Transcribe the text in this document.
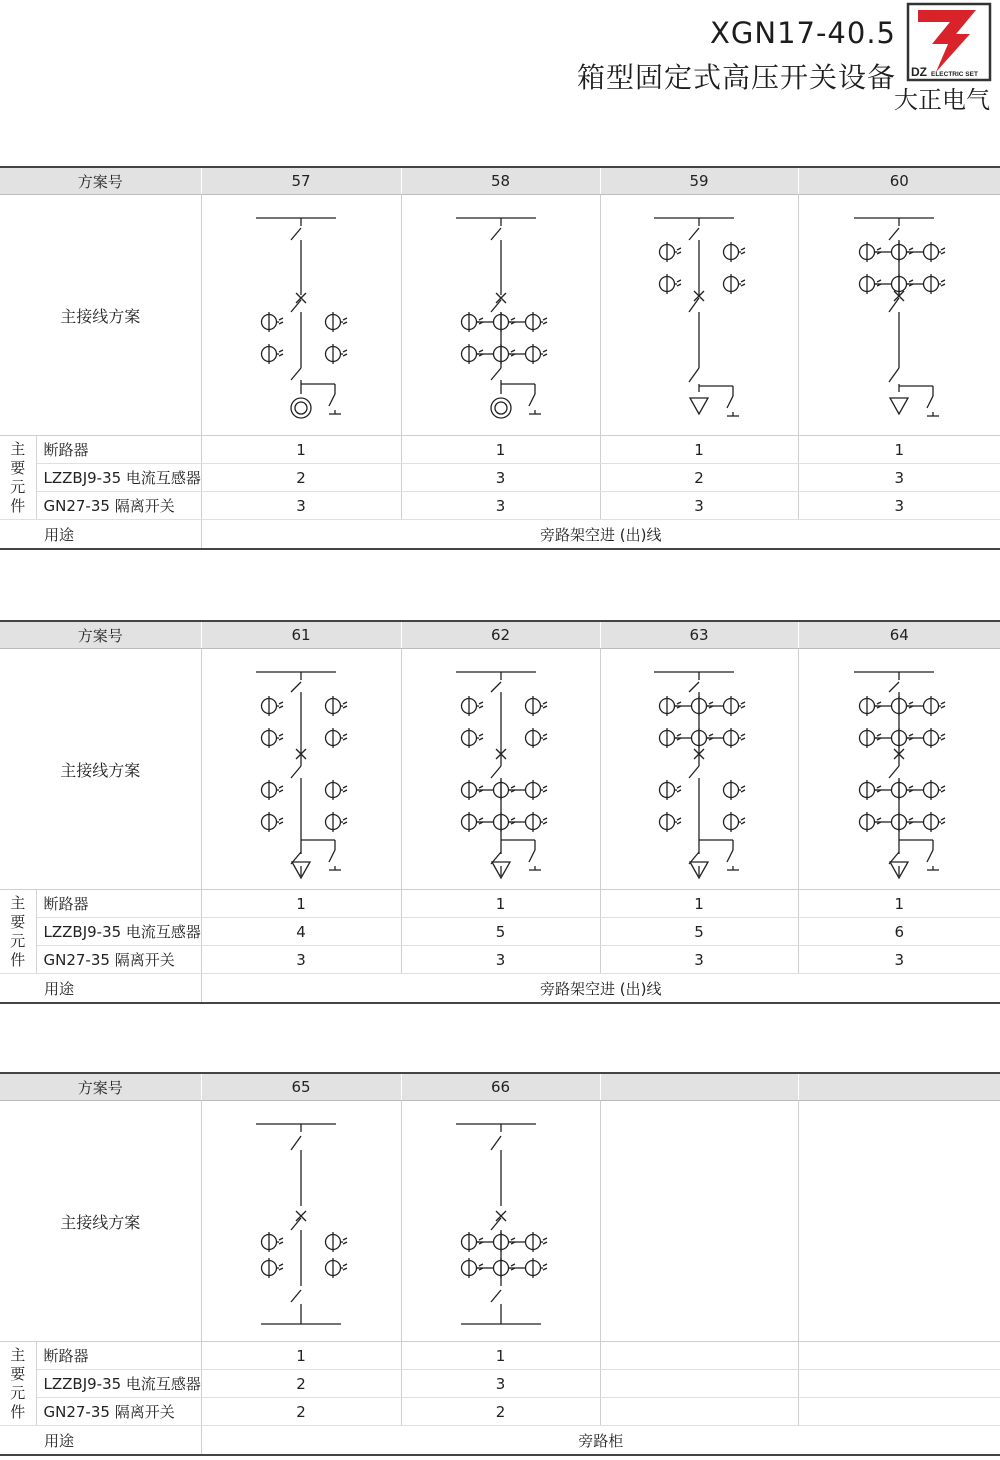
XGN17-40.5
箱型固定式高压开关设备 DZ ELECTRIC SET
大正电气
方案号		57	58	59	60
主接线方案	

主
要
元
件	断路器	1	1	1	1
	LZZBJ9-35 电流互感器	2	3	2	3
	GN27-35 隔离开关	3	3	3	3
用途		旁路架空进 (出)线			
方案号		61	62	63	64
主接线方案	

主
要
元
件	断路器	1	1	1	1
	LZZBJ9-35 电流互感器	4	5	5	6
	GN27-35 隔离开关	3	3	3	3
用途		旁路架空进 (出)线			
方案号		65	66		
主接线方案	

主
要
元
件	断路器	1	1		
	LZZBJ9-35 电流互感器	2	3		
	GN27-35 隔离开关	2	2		
用途		旁路柜			
